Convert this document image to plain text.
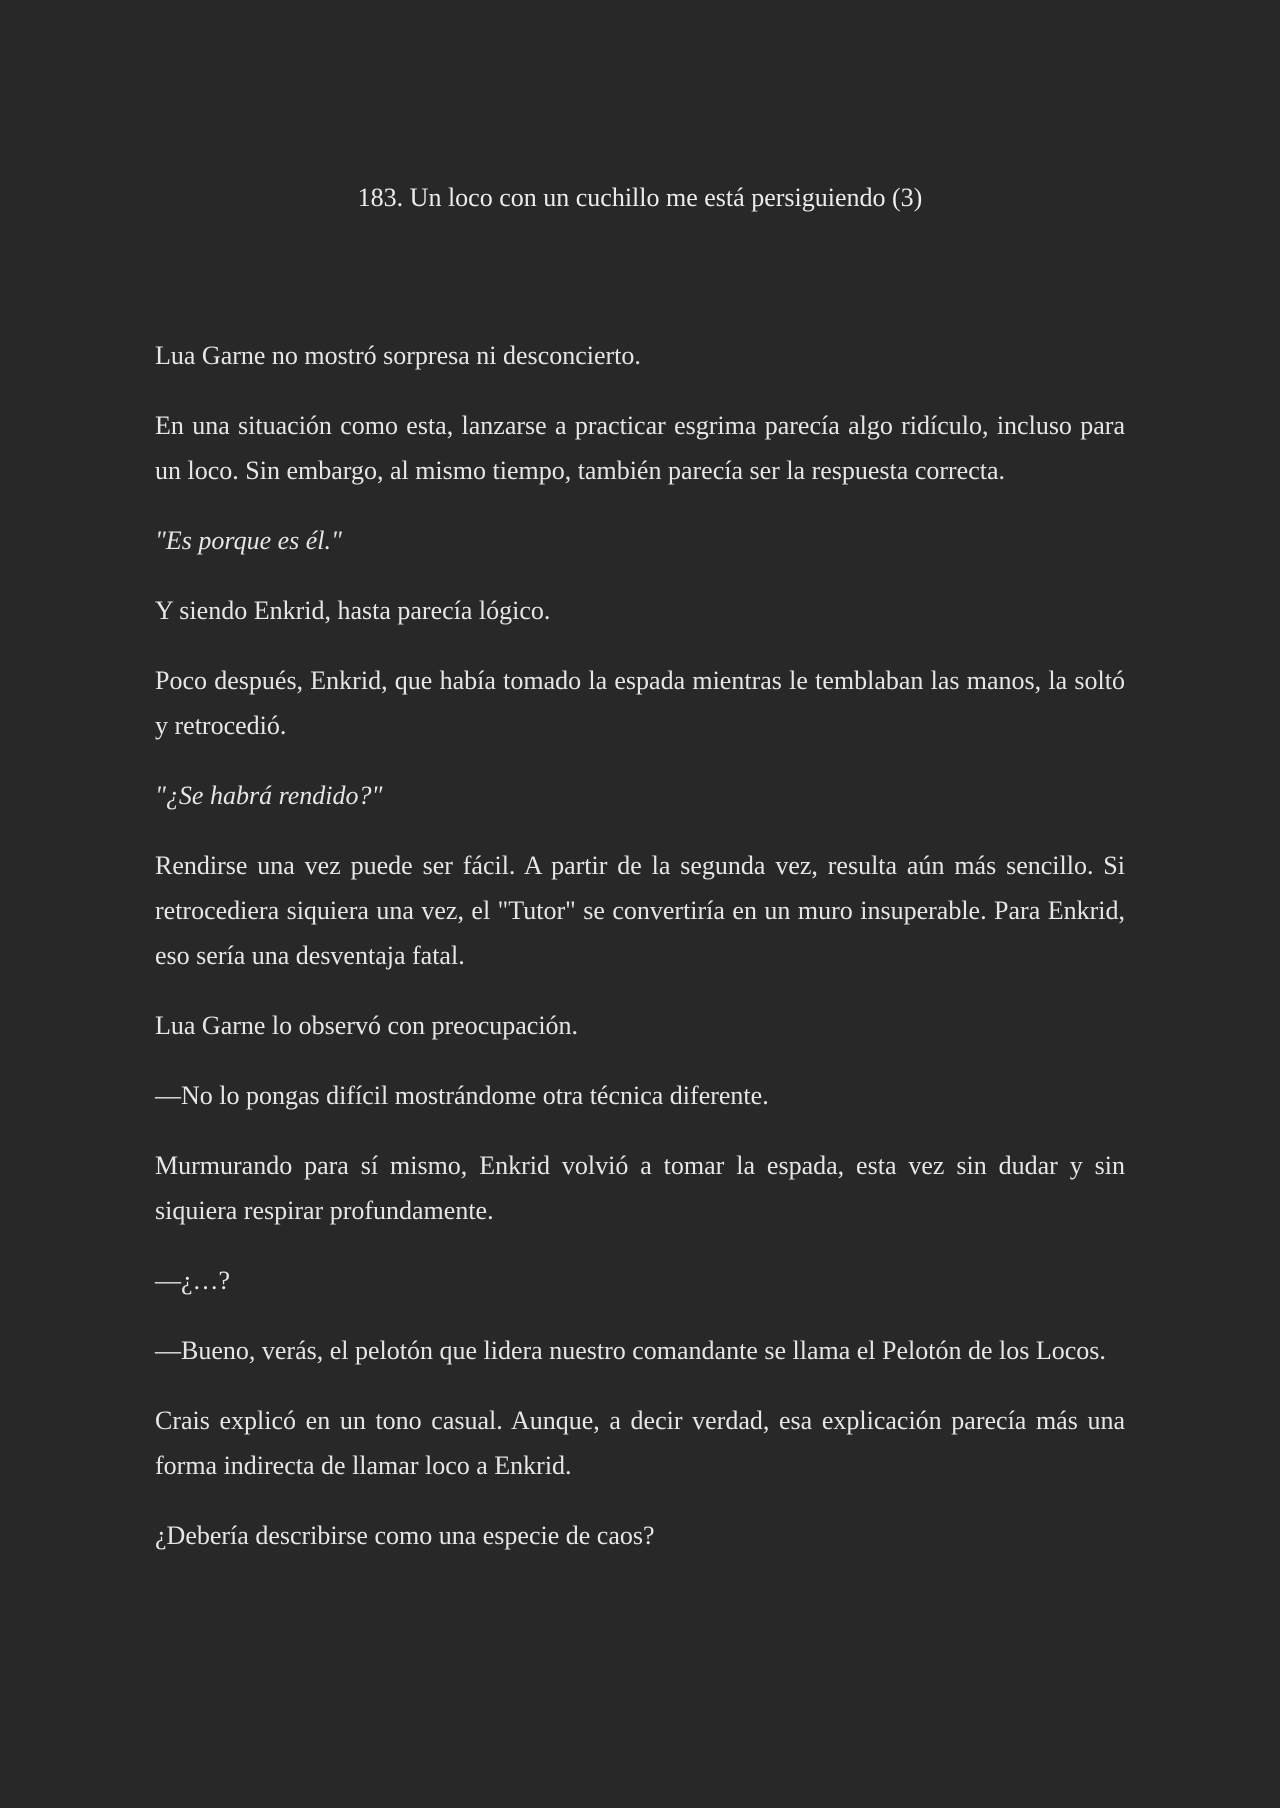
183. Un loco con un cuchillo me está persiguiendo (3)

Lua Garne no mostró sorpresa ni desconcierto.

En una situación como esta, lanzarse a practicar esgrima parecía algo ridículo, incluso para un loco. Sin embargo, al mismo tiempo, también parecía ser la respuesta correcta.

"Es porque es él."

Y siendo Enkrid, hasta parecía lógico.

Poco después, Enkrid, que había tomado la espada mientras le temblaban las manos, la soltó y retrocedió.

"¿Se habrá rendido?"

Rendirse una vez puede ser fácil. A partir de la segunda vez, resulta aún más sencillo. Si retrocediera siquiera una vez, el "Tutor" se convertiría en un muro insuperable. Para Enkrid, eso sería una desventaja fatal.

Lua Garne lo observó con preocupación.

—No lo pongas difícil mostrándome otra técnica diferente.

Murmurando para sí mismo, Enkrid volvió a tomar la espada, esta vez sin dudar y sin siquiera respirar profundamente.

—¿…?

—Bueno, verás, el pelotón que lidera nuestro comandante se llama el Pelotón de los Locos.

Crais explicó en un tono casual. Aunque, a decir verdad, esa explicación parecía más una forma indirecta de llamar loco a Enkrid.

¿Debería describirse como una especie de caos?
